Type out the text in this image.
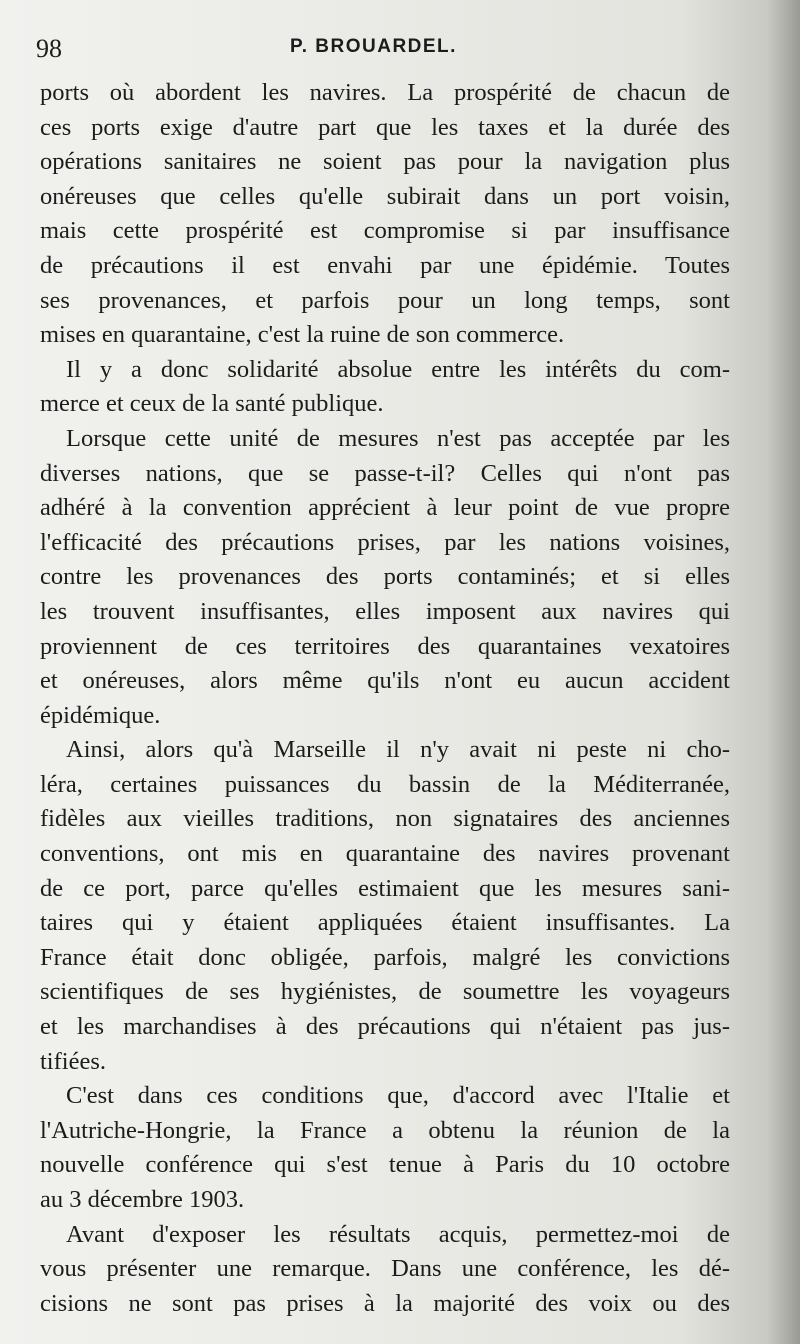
98	P. BROUARDEL.
ports où abordent les navires. La prospérité de chacun de
ces ports exige d'autre part que les taxes et la durée des
opérations sanitaires ne soient pas pour la navigation plus
onéreuses que celles qu'elle subirait dans un port voisin,
mais cette prospérité est compromise si par insuffisance
de précautions il est envahi par une épidémie. Toutes
ses provenances, et parfois pour un long temps, sont
mises en quarantaine, c'est la ruine de son commerce.
Il y a donc solidarité absolue entre les intérêts du com-
merce et ceux de la santé publique.
Lorsque cette unité de mesures n'est pas acceptée par les
diverses nations, que se passe-t-il? Celles qui n'ont pas
adhéré à la convention apprécient à leur point de vue propre
l'efficacité des précautions prises, par les nations voisines,
contre les provenances des ports contaminés; et si elles
les trouvent insuffisantes, elles imposent aux navires qui
proviennent de ces territoires des quarantaines vexatoires
et onéreuses, alors même qu'ils n'ont eu aucun accident
épidémique.
Ainsi, alors qu'à Marseille il n'y avait ni peste ni cho-
léra, certaines puissances du bassin de la Méditerranée,
fidèles aux vieilles traditions, non signataires des anciennes
conventions, ont mis en quarantaine des navires provenant
de ce port, parce qu'elles estimaient que les mesures sani-
taires qui y étaient appliquées étaient insuffisantes. La
France était donc obligée, parfois, malgré les convictions
scientifiques de ses hygiénistes, de soumettre les voyageurs
et les marchandises à des précautions qui n'étaient pas jus-
tifiées.
C'est dans ces conditions que, d'accord avec l'Italie et
l'Autriche-Hongrie, la France a obtenu la réunion de la
nouvelle conférence qui s'est tenue à Paris du 10 octobre
au 3 décembre 1903.
Avant d'exposer les résultats acquis, permettez-moi de
vous présenter une remarque. Dans une conférence, les dé-
cisions ne sont pas prises à la majorité des voix ou des
